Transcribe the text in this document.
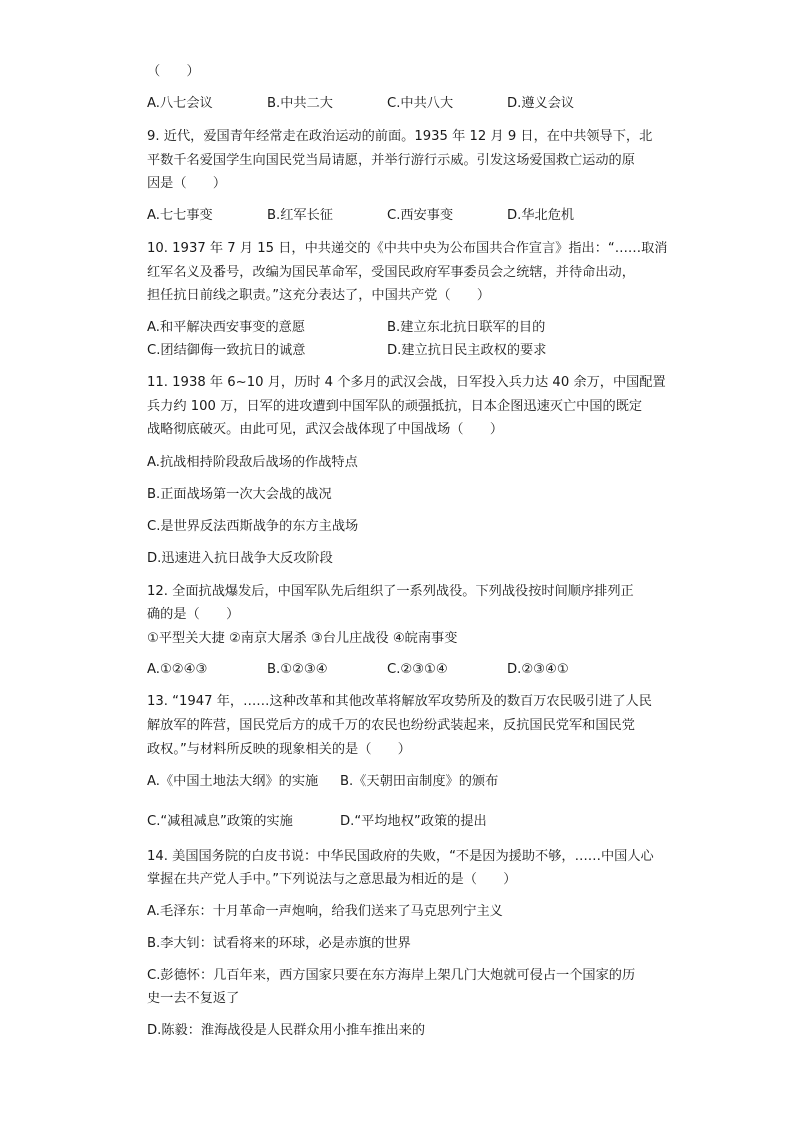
（　　）
A.八七会议	B.中共二大	C.中共八大	D.遵义会议
9. 近代，爱国青年经常走在政治运动的前面。1935 年 12 月 9 日，在中共领导下，北
平数千名爱国学生向国民党当局请愿，并举行游行示威。引发这场爱国救亡运动的原
因是（　　）
A.七七事变	B.红军长征	C.西安事变	D.华北危机
10. 1937 年 7 月 15 日，中共递交的《中共中央为公布国共合作宣言》指出：“……取消
红军名义及番号，改编为国民革命军，受国民政府军事委员会之统辖，并待命出动，
担任抗日前线之职责。”这充分表达了，中国共产党（　　）
A.和平解决西安事变的意愿	B.建立东北抗日联军的目的
C.团结御侮一致抗日的诚意	D.建立抗日民主政权的要求
11. 1938 年 6~10 月，历时 4 个多月的武汉会战，日军投入兵力达 40 余万，中国配置
兵力约 100 万，日军的进攻遭到中国军队的顽强抵抗，日本企图迅速灭亡中国的既定
战略彻底破灭。由此可见，武汉会战体现了中国战场（　　）
A.抗战相持阶段敌后战场的作战特点
B.正面战场第一次大会战的战况
C.是世界反法西斯战争的东方主战场
D.迅速进入抗日战争大反攻阶段
12. 全面抗战爆发后，中国军队先后组织了一系列战役。下列战役按时间顺序排列正
确的是（　　）
①平型关大捷 ②南京大屠杀 ③台儿庄战役 ④皖南事变
A.①②④③	B.①②③④	C.②③①④	D.②③④①
13. “1947 年，……这种改革和其他改革将解放军攻势所及的数百万农民吸引进了人民
解放军的阵营，国民党后方的成千万的农民也纷纷武装起来，反抗国民党军和国民党
政权。”与材料所反映的现象相关的是（　　）
A.《中国土地法大纲》的实施 B.《天朝田亩制度》的颁布
C.“减租减息”政策的实施	D.“平均地权”政策的提出
14. 美国国务院的白皮书说：中华民国政府的失败，“不是因为援助不够，……中国人心
掌握在共产党人手中。”下列说法与之意思最为相近的是（　　）
A.毛泽东：十月革命一声炮响，给我们送来了马克思列宁主义
B.李大钊：试看将来的环球，必是赤旗的世界
C.彭德怀：几百年来，西方国家只要在东方海岸上架几门大炮就可侵占一个国家的历
史一去不复返了
D.陈毅：淮海战役是人民群众用小推车推出来的
